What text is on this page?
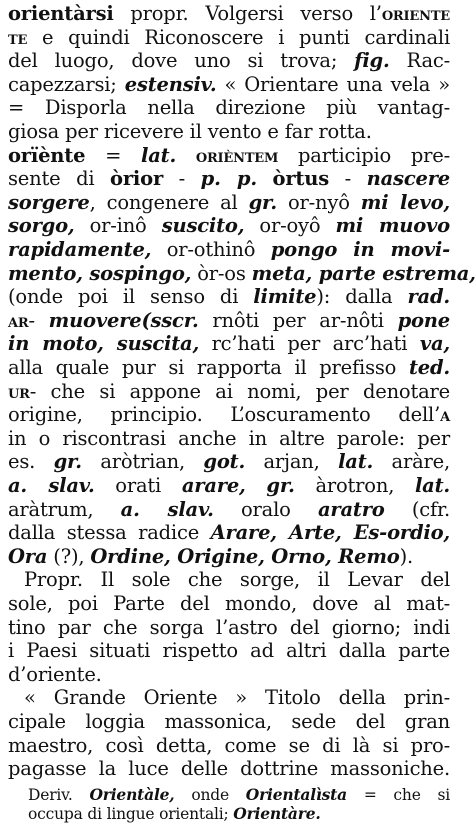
orientàrsi propr. Volgersi verso l’oriente
te e quindi Riconoscere i punti cardinali
del luogo, dove uno si trova; fig. Rac-
capezzarsi; estensiv. « Orientare una vela »
= Disporla nella direzione più vantag-
giosa per ricevere il vento e far rotta.
orïènte = lat. orièntem participio pre-
sente di òrior - p. p. òrtus - nascere
sorgere, congenere al gr. or-nyô mi levo,
sorgo, or-inô suscito, or-oyô mi muovo
rapidamente, or-othinô pongo in movi-
mento, sospingo, òr-os meta, parte estrema,
(onde poi il senso di limite): dalla rad.
ar- muovere(sscr. rnôti per ar-nôti pone
in moto, suscita, rc’hati per arc’hati va,
alla quale pur si rapporta il prefisso ted.
ur- che si appone ai nomi, per denotare
origine, principio. L’oscuramento dell’a
in o riscontrasi anche in altre parole: per
es. gr. aròtrian, got. arjan, lat. aràre,
a. slav. orati arare, gr. àrotron, lat.
aràtrum, a. slav. oralo aratro (cfr.
dalla stessa radice Arare, Arte, Es-ordio,
Ora (?), Ordine, Origine, Orno, Remo).
Propr. Il sole che sorge, il Levar del
sole, poi Parte del mondo, dove al mat-
tino par che sorga l’astro del giorno; indi
i Paesi situati rispetto ad altri dalla parte
d’oriente.
« Grande Oriente » Titolo della prin-
cipale loggia massonica, sede del gran
maestro, così detta, come se di là si pro-
pagasse la luce delle dottrine massoniche.
Deriv. Orientàle, onde Orientalìsta = che si
occupa di lingue orientali; Orientàre.
